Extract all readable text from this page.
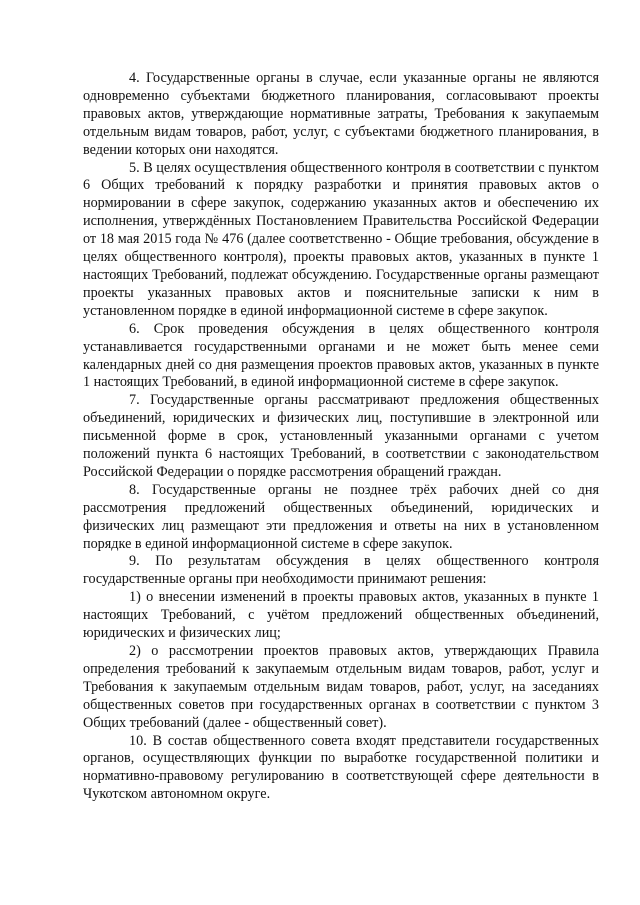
4. Государственные органы в случае, если указанные органы не являются одновременно субъектами бюджетного планирования, согласовывают проекты правовых актов, утверждающие нормативные затраты, Требования к закупаемым отдельным видам товаров, работ, услуг, с субъектами бюджетного планирования, в ведении которых они находятся.

5. В целях осуществления общественного контроля в соответствии с пунктом 6 Общих требований к порядку разработки и принятия правовых актов о нормировании в сфере закупок, содержанию указанных актов и обеспечению их исполнения, утверждённых Постановлением Правительства Российской Федерации от 18 мая 2015 года № 476 (далее соответственно - Общие требования, обсуждение в целях общественного контроля), проекты правовых актов, указанных в пункте 1 настоящих Требований, подлежат обсуждению. Государственные органы размещают проекты указанных правовых актов и пояснительные записки к ним в установленном порядке в единой информационной системе в сфере закупок.

6. Срок проведения обсуждения в целях общественного контроля устанавливается государственными органами и не может быть менее семи календарных дней со дня размещения проектов правовых актов, указанных в пункте 1 настоящих Требований, в единой информационной системе в сфере закупок.

7. Государственные органы рассматривают предложения общественных объединений, юридических и физических лиц, поступившие в электронной или письменной форме в срок, установленный указанными органами с учетом положений пункта 6 настоящих Требований, в соответствии с законодательством Российской Федерации о порядке рассмотрения обращений граждан.

8. Государственные органы не позднее трёх рабочих дней со дня рассмотрения предложений общественных объединений, юридических и физических лиц размещают эти предложения и ответы на них в установленном порядке в единой информационной системе в сфере закупок.

9. По результатам обсуждения в целях общественного контроля государственные органы при необходимости принимают решения:

1) о внесении изменений в проекты правовых актов, указанных в пункте 1 настоящих Требований, с учётом предложений общественных объединений, юридических и физических лиц;

2) о рассмотрении проектов правовых актов, утверждающих Правила определения требований к закупаемым отдельным видам товаров, работ, услуг и Требования к закупаемым отдельным видам товаров, работ, услуг, на заседаниях общественных советов при государственных органах в соответствии с пунктом 3 Общих требований (далее - общественный совет).

10. В состав общественного совета входят представители государственных органов, осуществляющих функции по выработке государственной политики и нормативно-правовому регулированию в соответствующей сфере деятельности в Чукотском автономном округе.
